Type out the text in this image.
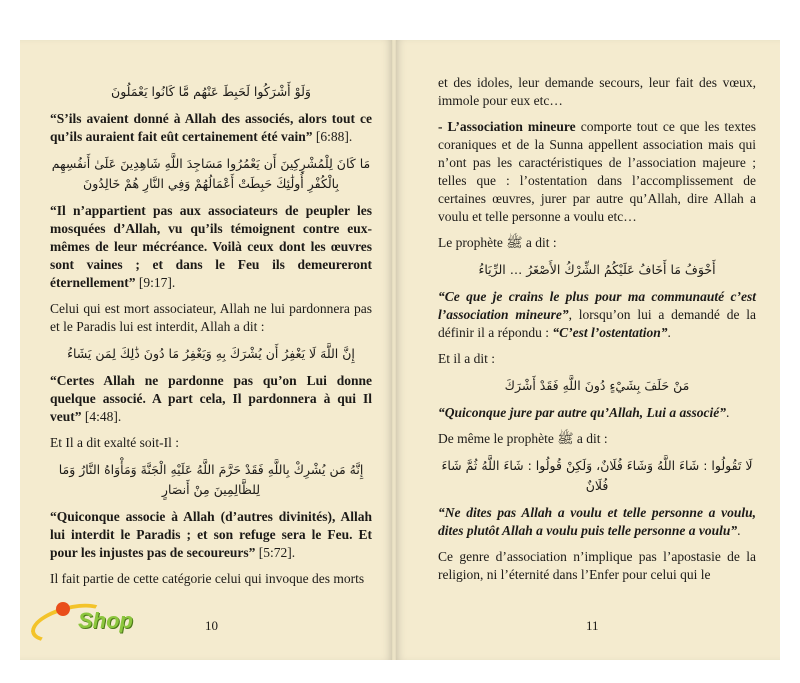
وَلَوْ أَشْرَكُوا لَحَبِطَ عَنْهُم مَّا كَانُوا يَعْمَلُونَ

“S’ils avaient donné à Allah des associés, alors tout ce qu’ils auraient fait eût certainement été vain” [6:88].

مَا كَانَ لِلْمُشْرِكِينَ أَن يَعْمُرُوا مَسَاجِدَ اللَّهِ شَاهِدِينَ عَلَىٰ أَنفُسِهِم بِالْكُفْرِ أُولَٰئِكَ حَبِطَتْ أَعْمَالُهُمْ وَفِي النَّارِ هُمْ خَالِدُونَ

“Il n’appartient pas aux associateurs de peupler les mosquées d’Allah, vu qu’ils témoignent contre eux-mêmes de leur mécréance. Voilà ceux dont les œuvres sont vaines ; et dans le Feu ils demeureront éternellement” [9:17].

Celui qui est mort associateur, Allah ne lui pardonnera pas et le Paradis lui est interdit, Allah a dit :

إِنَّ اللَّهَ لَا يَغْفِرُ أَن يُشْرَكَ بِهِ وَيَغْفِرُ مَا دُونَ ذَٰلِكَ لِمَن يَشَاءُ

“Certes Allah ne pardonne pas qu’on Lui donne quelque associé. A part cela, Il pardonnera à qui Il veut” [4:48].

Et Il a dit exalté soit-Il :

إِنَّهُ مَن يُشْرِكْ بِاللَّهِ فَقَدْ حَرَّمَ اللَّهُ عَلَيْهِ الْجَنَّةَ وَمَأْوَاهُ النَّارُ وَمَا لِلظَّالِمِينَ مِنْ أَنصَارٍ

“Quiconque associe à Allah (d’autres divinités), Allah lui interdit le Paradis ; et son refuge sera le Feu. Et pour les injustes pas de secoureurs” [5:72].

Il fait partie de cette catégorie celui qui invoque des morts

10

et des idoles, leur demande secours, leur fait des vœux, immole pour eux etc…

- L’association mineure comporte tout ce que les textes coraniques et de la Sunna appellent association mais qui n’ont pas les caractéristiques de l’association majeure ; telles que : l’ostentation dans l’accomplissement de certaines œuvres, jurer par autre qu’Allah, dire Allah a voulu et telle personne a voulu etc…

Le prophète ﷺ a dit :

أَخْوَفُ مَا أَخَافُ عَلَيْكُمُ الشِّرْكُ الأَصْغَرُ … الرِّيَاءُ

“Ce que je crains le plus pour ma communauté c’est l’association mineure”, lorsqu’on lui a demandé de la définir il a répondu : “C’est l’ostentation”.

Et il a dit :

مَنْ حَلَفَ بِشَيْءٍ دُونَ اللَّهِ فَقَدْ أَشْرَكَ

“Quiconque jure par autre qu’Allah, Lui a associé”.

De même le prophète ﷺ a dit :

لَا تَقُولُوا : شَاءَ اللَّهُ وَشَاءَ فُلَانٌ، وَلَكِنْ قُولُوا : شَاءَ اللَّهُ ثُمَّ شَاءَ فُلَانٌ

“Ne dites pas Allah a voulu et telle personne a voulu, dites plutôt Allah a voulu puis telle personne a voulu”.

Ce genre d’association n’implique pas l’apostasie de la religion, ni l’éternité dans l’Enfer pour celui qui le

11
Shop
